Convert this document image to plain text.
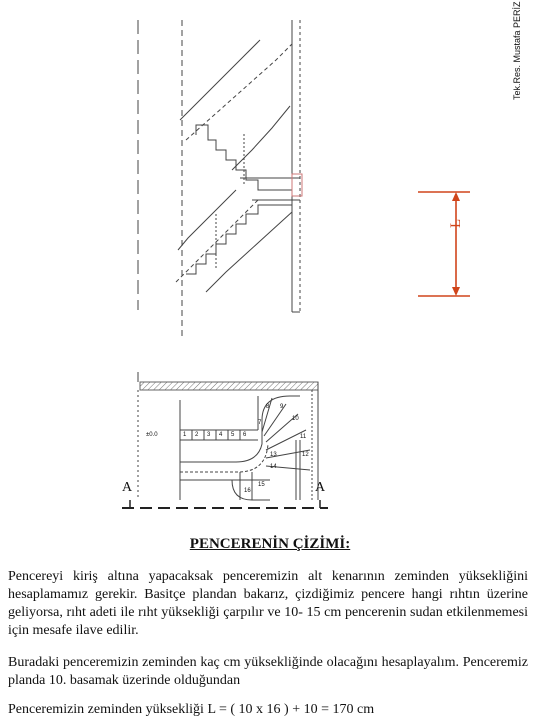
Tek.Res. Mustafa PERİZ
L
A	A
±0.0	1 2 3 4 5 6
7
8 9
10
11
12
13
14
15
16
PENCERENİN ÇİZİMİ:
Pencereyi kiriş altına yapacaksak penceremizin alt kenarının zeminden yüksekliğini hesaplamamız gerekir. Basitçe plandan bakarız, çizdiğimiz pencere hangi rıhtın üzerine geliyorsa, rıht adeti ile rıht yüksekliği çarpılır ve 10- 15 cm pencerenin sudan etkilenmemesi için mesafe ilave edilir.
Buradaki penceremizin zeminden kaç cm yüksekliğinde olacağını hesaplayalım. Penceremiz planda 10. basamak üzerinde olduğundan
Penceremizin zeminden yüksekliği L = ( 10 x 16 ) + 10 = 170 cm
